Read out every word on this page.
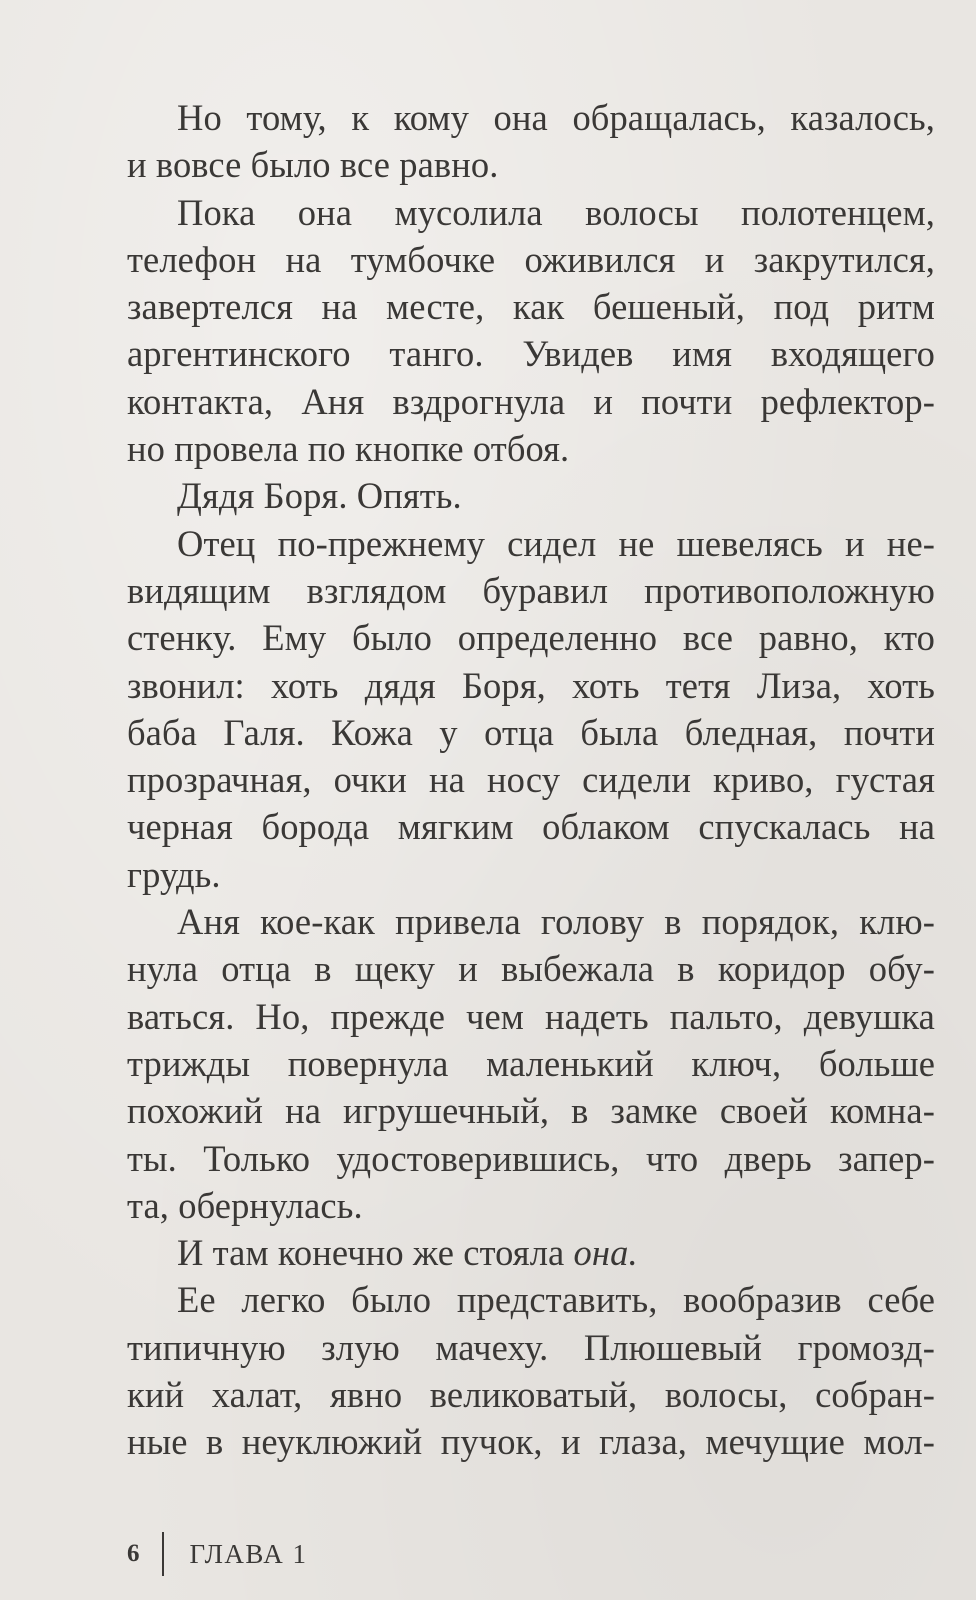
Но тому, к кому она обращалась, казалось,
и вовсе было все равно.
Пока она мусолила волосы полотенцем,
телефон на тумбочке оживился и закрутился,
завертелся на месте, как бешеный, под ритм
аргентинского танго. Увидев имя входящего
контакта, Аня вздрогнула и почти рефлектор-
но провела по кнопке отбоя.
Дядя Боря. Опять.
Отец по-прежнему сидел не шевелясь и не-
видящим взглядом буравил противоположную
стенку. Ему было определенно все равно, кто
звонил: хоть дядя Боря, хоть тетя Лиза, хоть
баба Галя. Кожа у отца была бледная, почти
прозрачная, очки на носу сидели криво, густая
черная борода мягким облаком спускалась на
грудь.
Аня кое-как привела голову в порядок, клю-
нула отца в щеку и выбежала в коридор обу-
ваться. Но, прежде чем надеть пальто, девушка
трижды повернула маленький ключ, больше
похожий на игрушечный, в замке своей комна-
ты. Только удостоверившись, что дверь запер-
та, обернулась.
И там конечно же стояла она.
Ее легко было представить, вообразив себе
типичную злую мачеху. Плюшевый громозд-
кий халат, явно великоватый, волосы, собран-
ные в неуклюжий пучок, и глаза, мечущие мол-
6 ГЛАВА 1
